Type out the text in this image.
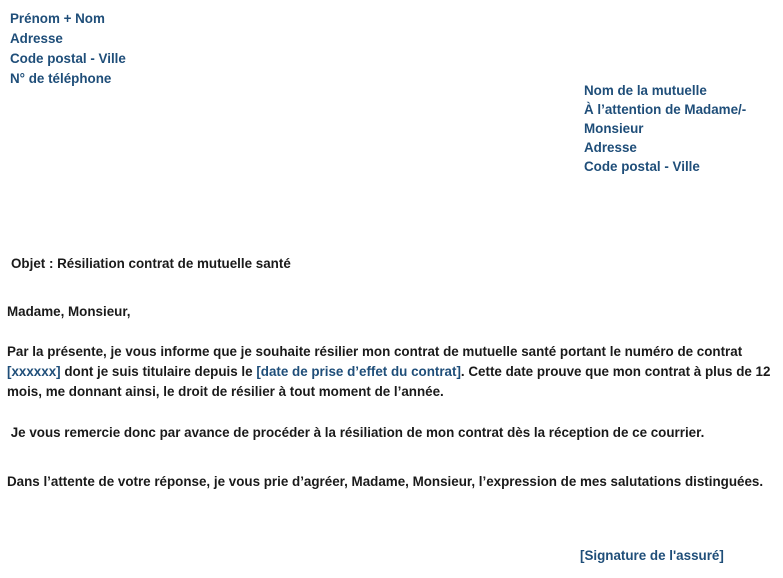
Prénom + Nom
Adresse
Code postal - Ville
N° de téléphone
Nom de la mutuelle
À l’attention de Madame/-
Monsieur
Adresse
Code postal - Ville
Objet : Résiliation contrat de mutuelle santé
Madame, Monsieur,
Par la présente, je vous informe que je souhaite résilier mon contrat de mutuelle santé portant le numéro de contrat
[xxxxxx] dont je suis titulaire depuis le [date de prise d’effet du contrat]. Cette date prouve que mon contrat à plus de 12
mois, me donnant ainsi, le droit de résilier à tout moment de l’année.
Je vous remercie donc par avance de procéder à la résiliation de mon contrat dès la réception de ce courrier.
Dans l’attente de votre réponse, je vous prie d’agréer, Madame, Monsieur, l’expression de mes salutations distinguées.
[Signature de l'assuré]
